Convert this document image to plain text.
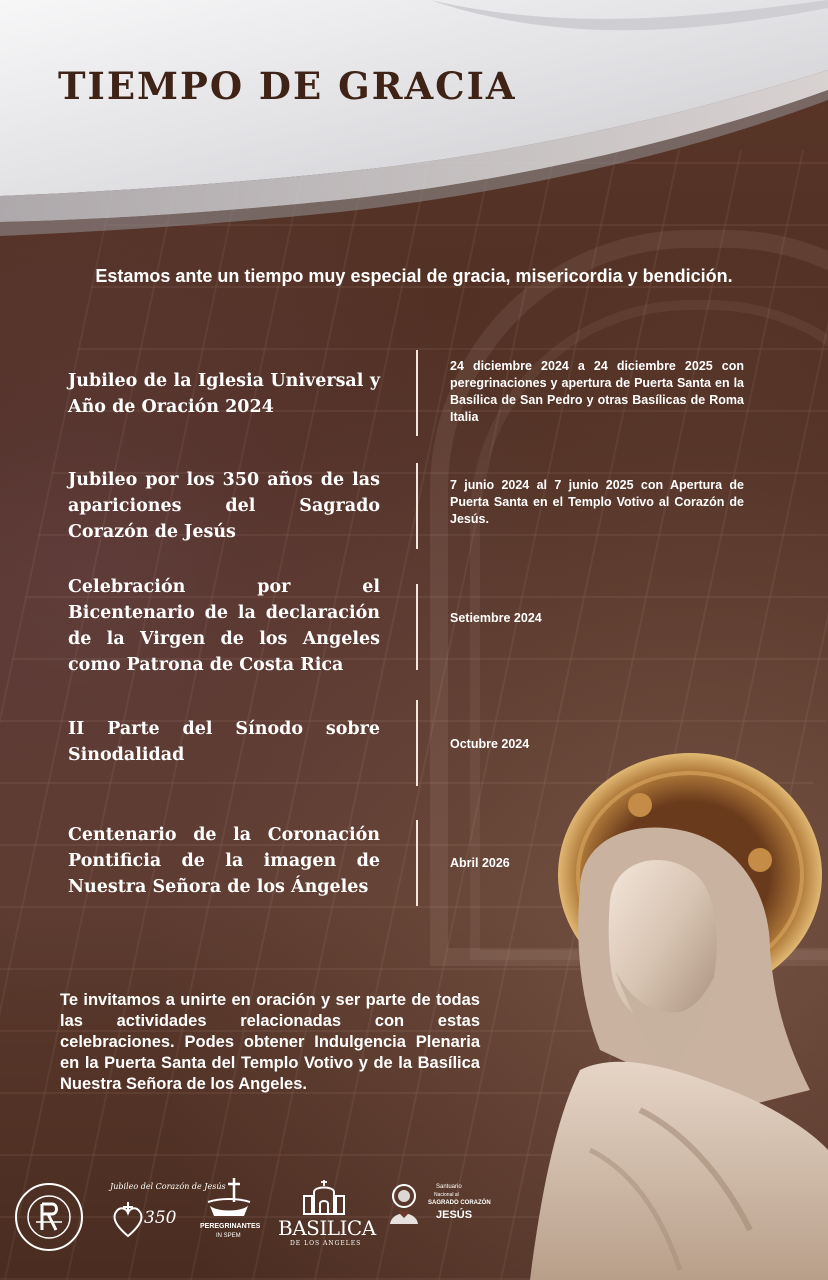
TIEMPO DE GRACIA
Estamos ante un tiempo muy especial de gracia, misericordia y bendición.
Jubileo de la Iglesia Universal y Año de Oración 2024
24 diciembre 2024 a 24 diciembre 2025 con peregrinaciones y apertura de Puerta Santa en la Basílica de San Pedro y otras Basílicas de Roma Italia
Jubileo por los 350 años de las apariciones del Sagrado Corazón de Jesús
7 junio 2024 al 7 junio 2025 con Apertura de Puerta Santa en el Templo Votivo al Corazón de Jesús.
Celebración por el Bicentenario de la declaración de la Virgen de los Angeles como Patrona de Costa Rica
Setiembre 2024
II Parte del Sínodo sobre Sinodalidad
Octubre 2024
Centenario de la Coronación Pontificia de la imagen de Nuestra Señora de los Ángeles
Abril 2026
Te invitamos a unirte en oración y ser parte de todas las actividades relacionadas con estas celebraciones. Podes obtener Indulgencia Plenaria en la Puerta Santa del Templo Votivo y de la Basílica Nuestra Señora de los Angeles.
Jubileo del Corazón de Jesús
350	PEREGRINANTES
IN SPEM BASILICA
DE LOS ANGELES
Santuario
Nacional al
SAGRADO CORAZÓN
JESÚS
